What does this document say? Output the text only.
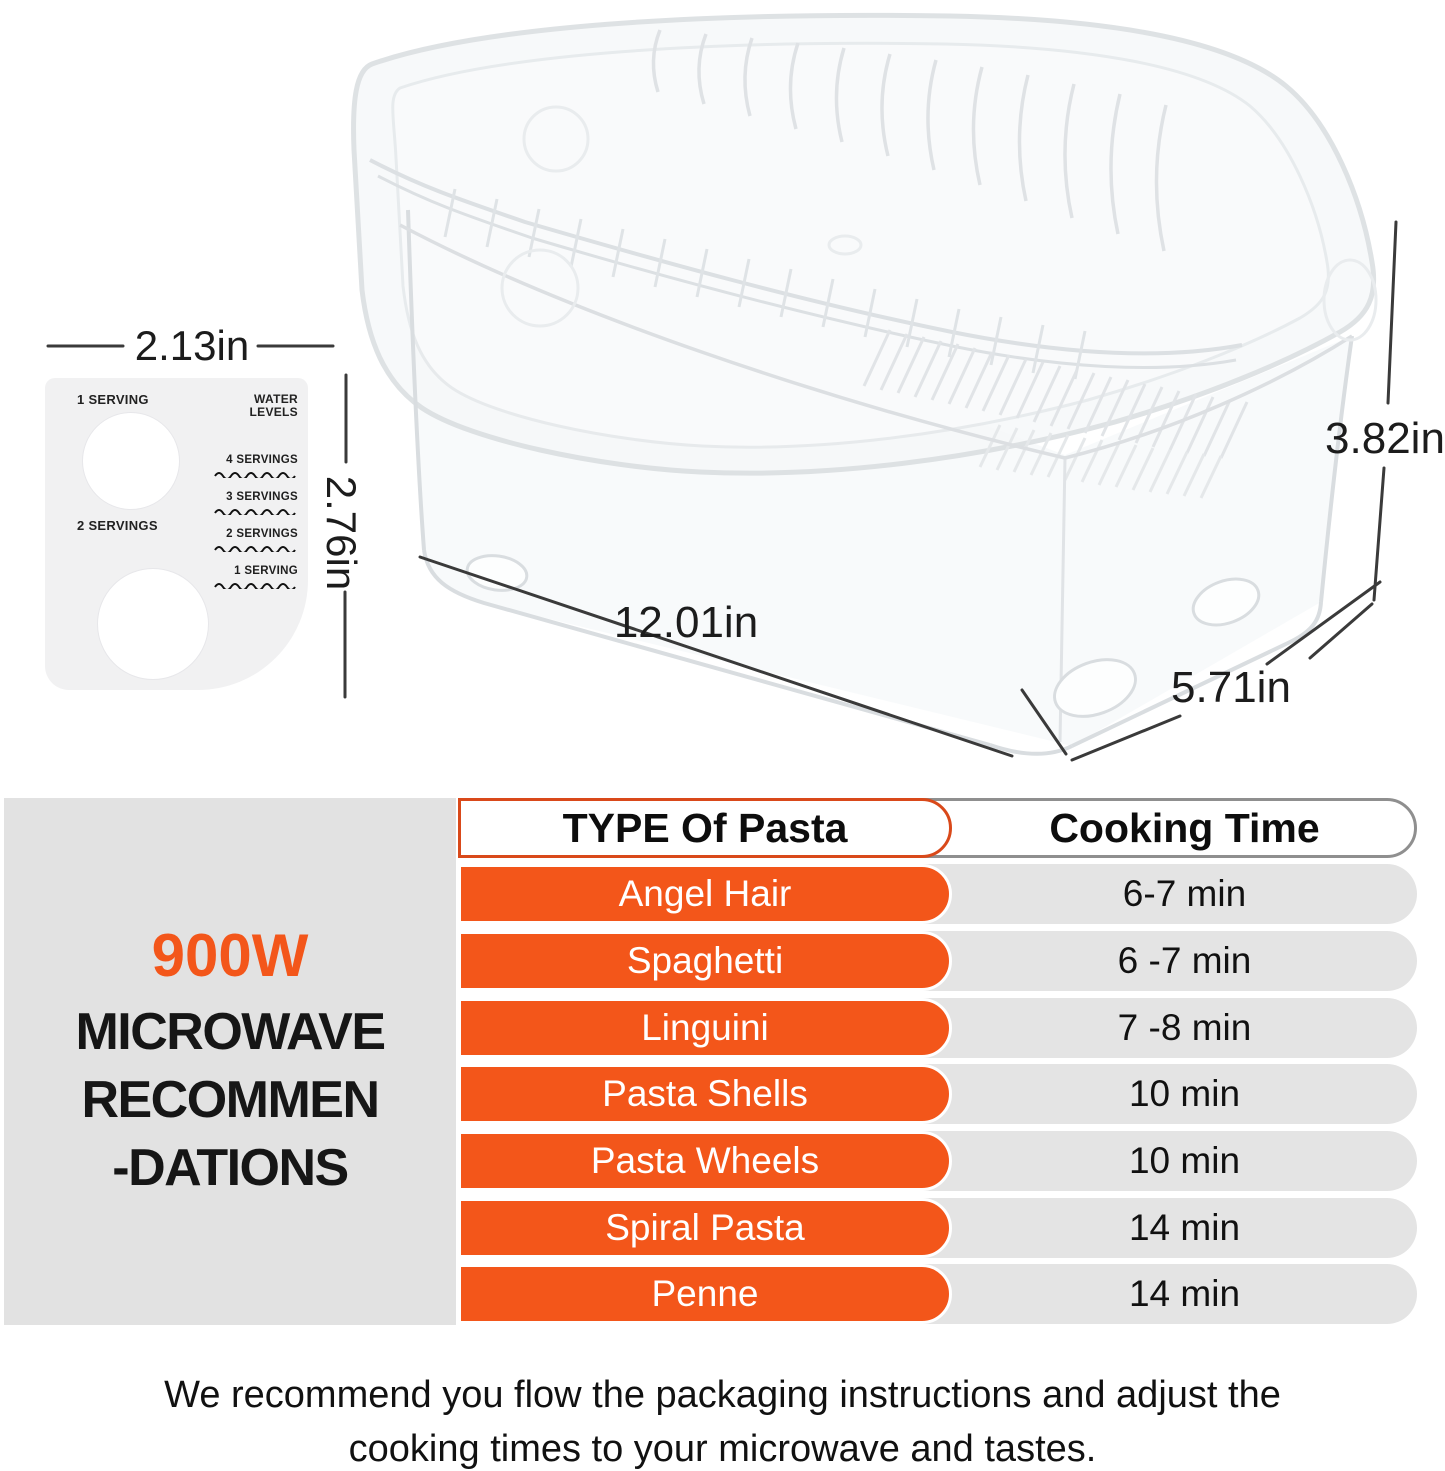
1 SERVING
2 SERVINGS
WATER
LEVELS
4 SERVINGS
3 SERVINGS
2 SERVINGS
1 SERVING
2.13in
2.76in
12.01in
5.71in
3.82in
900W
MICROWAVE
RECOMMEN
-DATIONS
Cooking Time
TYPE Of Pasta
6-7 min
Angel Hair
6 -7 min
Spaghetti
7 -8 min
Linguini
10 min
Pasta Shells
10 min
Pasta Wheels
14 min
Spiral Pasta
14 min
Penne
We recommend you flow the packaging instructions and adjust the
cooking times to your microwave and tastes.
